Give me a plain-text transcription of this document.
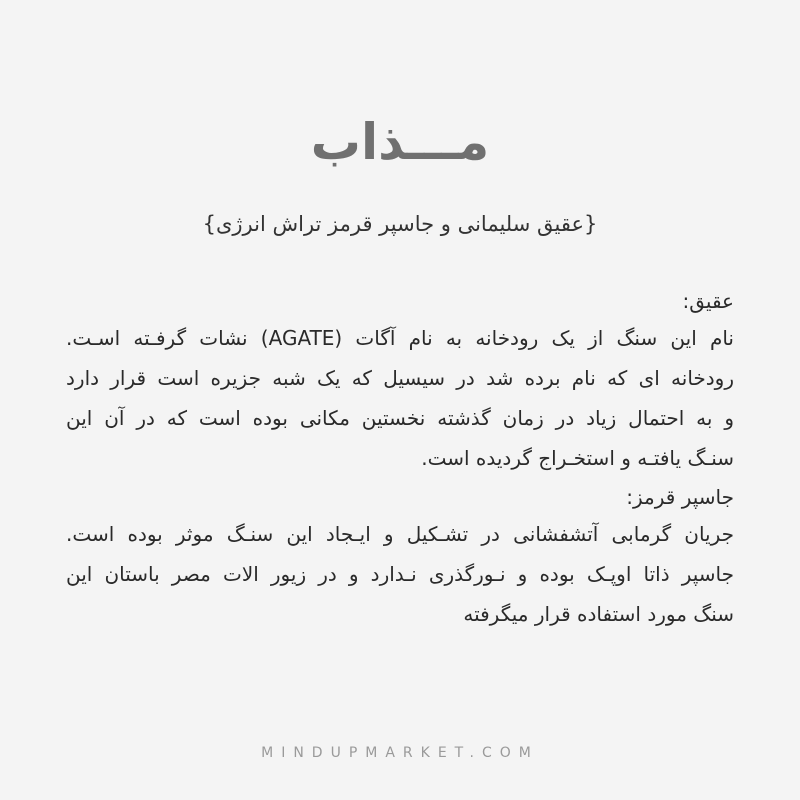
مـــذاب
{عقیق سلیمانی و جاسپر قرمز تراش انرژی}
عقیق:
نام این سنگ از یک رودخانه به نام آگات (AGATE) نشات گرفـته اسـت.
رودخانه ای که نام برده شد در سیسیل که یک شبه جزیره است قرار دارد
و به احتمال زیاد در زمان گذشته نخستین مکانی بوده است که در آن این
سنـگ یافتـه و استخـراج گردیده است.
جاسپر قرمز:
جریان گرمابی آتشفشانی در تشـکیل و ایـجاد این سنـگ موثر بوده است.
جاسپر ذاتا اوپـک بوده و نـورگذری نـدارد و در زیور الات مصر باستان این
سنگ مورد استفاده قرار میگرفته
MINDUPMARKET.COM
